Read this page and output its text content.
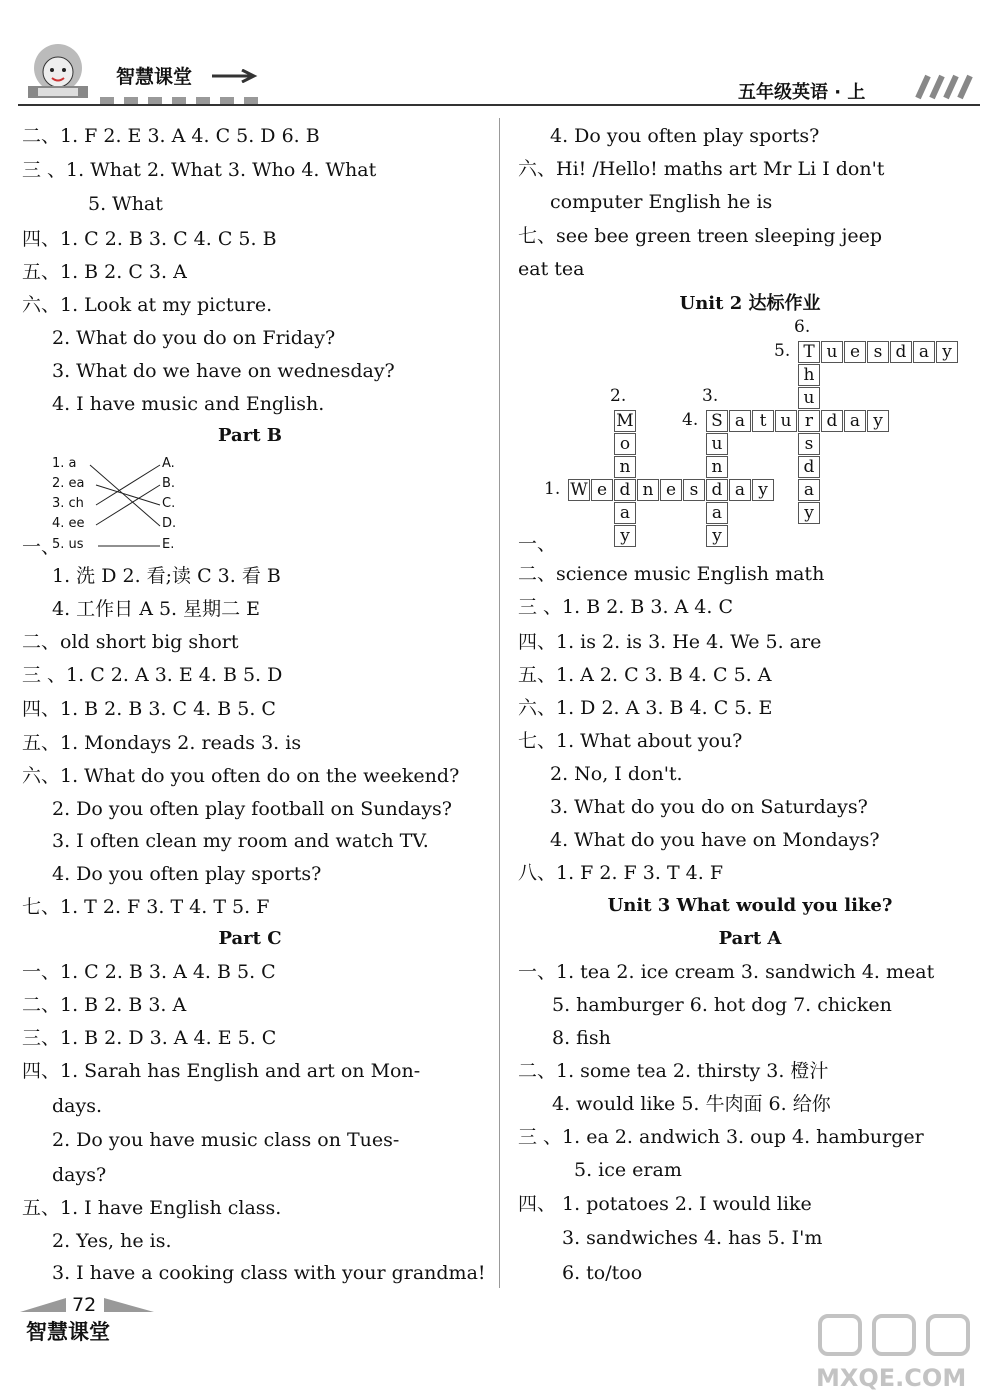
智慧课堂
五年级英语 · 上
二、1. F 2. E 3. A 4. C 5. D 6. B
三 、1. What 2. What 3. Who 4. What
5. What
四、1. C 2. B 3. C 4. C 5. B
五、1. B 2. C 3. A
六、1. Look at my picture.
2. What do you do on Friday?
3. What do we have on wednesday?
4. I have music and English.
Part B
一、
1. a
2. ea
3. ch
4. ee
5. us
A.
B.
C.
D.
E.
1. 洗 D 2. 看;读 C 3. 看 B
4. 工作日 A 5. 星期二 E
二、old short big short
三 、1. C 2. A 3. E 4. B 5. D
四、1. B 2. B 3. C 4. B 5. C
五、1. Mondays 2. reads 3. is
六、1. What do you often do on the weekend?
2. Do you often play football on Sundays?
3. I often clean my room and watch TV.
4. Do you often play sports?
七、1. T 2. F 3. T 4. T 5. F
Part C
一、1. C 2. B 3. A 4. B 5. C
二、1. B 2. B 3. A
三、1. B 2. D 3. A 4. E 5. C
四、1. Sarah has English and art on Mon-
days.
2. Do you have music class on Tues-
days?
五、1. I have English class.
2. Yes, he is.
3. I have a cooking class with your grandma!
4. Do you often play sports?
六、Hi! /Hello! maths art Mr Li I don't
computer English he is
七、see bee green treen sleeping jeep
eat tea
Unit 2 达标作业
W e d n e s d a y
M
o
n
a
y
S
u
n
a
y
a t u r d a y
T u e s d a y
h
u
s
d
a
y
1.
2.	3.
4.
5.
6.
一、
二、science music English math
三 、1. B 2. B 3. A 4. C
四、1. is 2. is 3. He 4. We 5. are
五、1. A 2. C 3. B 4. C 5. A
六、1. D 2. A 3. B 4. C 5. E
七、1. What about you?
2. No, I don't.
3. What do you do on Saturdays?
4. What do you have on Mondays?
八、1. F 2. F 3. T 4. F
Unit 3 What would you like?
Part A
一、1. tea 2. ice cream 3. sandwich 4. meat
5. hamburger 6. hot dog 7. chicken
8. fish
二、1. some tea 2. thirsty 3. 橙汁
4. would like 5. 牛肉面 6. 给你
三 、1. ea 2. andwich 3. oup 4. hamburger
5. ice eram
四、 1. potatoes 2. I would like
3. sandwiches 4. has 5. I'm
6. to/too
72
智慧课堂
MXQE.COM
